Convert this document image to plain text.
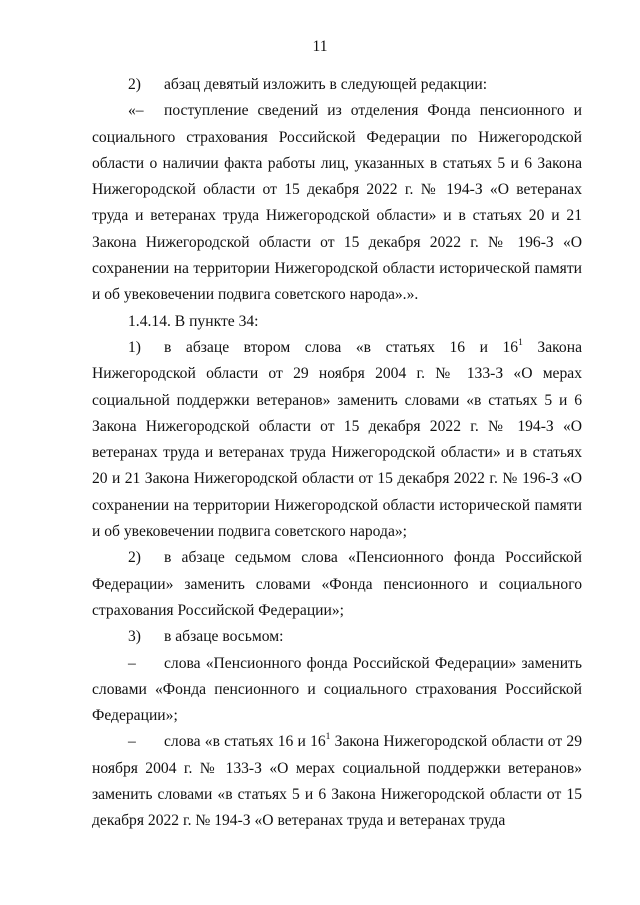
11

2) абзац девятый изложить в следующей редакции:

«– поступление сведений из отделения Фонда пенсионного и социального страхования Российской Федерации по Нижегородской области о наличии факта работы лиц, указанных в статьях 5 и 6 Закона Нижегородской области от 15 декабря 2022 г. № 194-З «О ветеранах труда и ветеранах труда Нижегородской области» и в статьях 20 и 21 Закона Нижегородской области от 15 декабря 2022 г. № 196-З «О сохранении на территории Нижегородской области исторической памяти и об увековечении подвига советского народа».».

1.4.14. В пункте 34:

1) в абзаце втором слова «в статьях 16 и $16^1$ Закона Нижегородской области от 29 ноября 2004 г. № 133-З «О мерах социальной поддержки ветеранов» заменить словами «в статьях 5 и 6 Закона Нижегородской области от 15 декабря 2022 г. № 194-З «О ветеранах труда и ветеранах труда Нижегородской области» и в статьях 20 и 21 Закона Нижегородской области от 15 декабря 2022 г. № 196-З «О сохранении на территории Нижегородской области исторической памяти и об увековечении подвига советского народа»;

2) в абзаце седьмом слова «Пенсионного фонда Российской Федерации» заменить словами «Фонда пенсионного и социального страхования Российской Федерации»;

3) в абзаце восьмом:

– слова «Пенсионного фонда Российской Федерации» заменить словами «Фонда пенсионного и социального страхования Российской Федерации»;

– слова «в статьях 16 и $16^1$ Закона Нижегородской области от 29 ноября 2004 г. № 133-З «О мерах социальной поддержки ветеранов» заменить словами «в статьях 5 и 6 Закона Нижегородской области от 15 декабря 2022 г. № 194-З «О ветеранах труда и ветеранах труда
